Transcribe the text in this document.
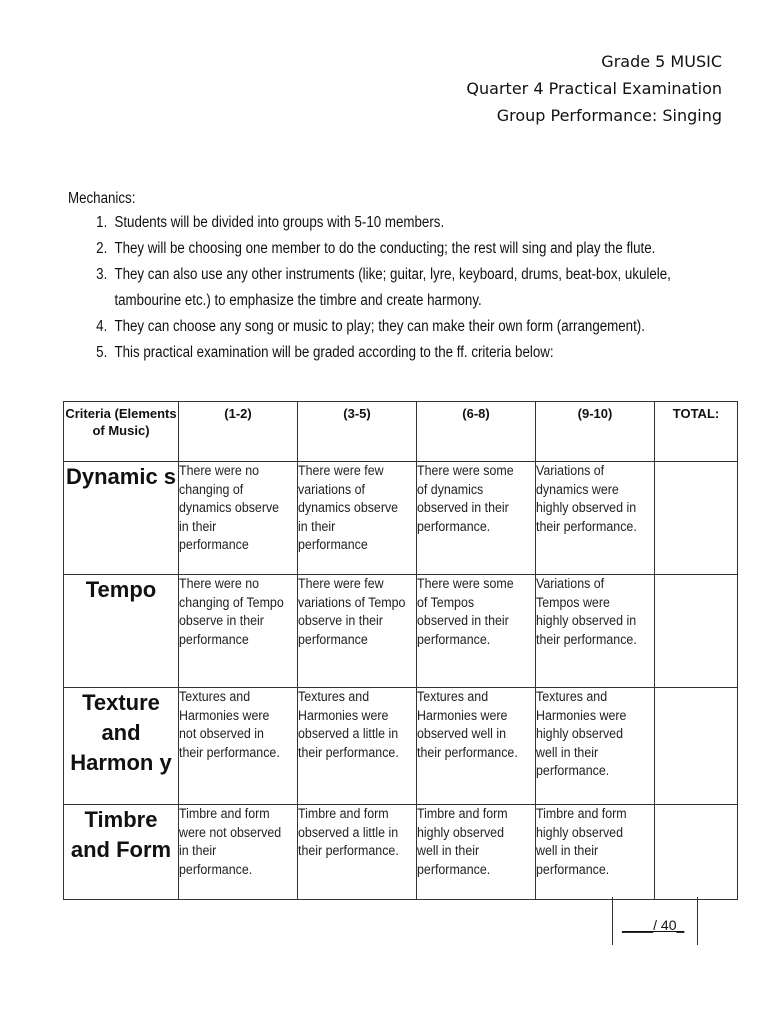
Grade 5 MUSIC
Quarter 4 Practical Examination
Group Performance: Singing
Mechanics:
1. Students will be divided into groups with 5-10 members.
2. They will be choosing one member to do the conducting; the rest will sing and play the flute.
3. They can also use any other instruments (like; guitar, lyre, keyboard, drums, beat-box, ukulele, tambourine etc.) to emphasize the timbre and create harmony.
4. They can choose any song or music to play; they can make their own form (arrangement).
5. This practical examination will be graded according to the ff. criteria below:
Criteria (Elements of Music)	(1-2)	(3-5)	(6-8)	(9-10)	TOTAL:
Dynamic s	There were no changing of dynamics observe in their performance	There were few variations of dynamics observe in their performance	There were some of dynamics observed in their performance.	Variations of dynamics were highly observed in their performance.	

Tempo	There were no changing of Tempo observe in their performance	There were few variations of Tempo observe in their performance	There were some of Tempos observed in their performance.	Variations of Tempos were highly observed in their performance.	

Texture and Harmon y	Textures and Harmonies were not observed in their performance.	Textures and Harmonies were observed a little in their performance.	Textures and Harmonies were observed well in their performance.	Textures and Harmonies were highly observed well in their performance.	

Timbre and Form	Timbre and form were not observed in their performance.	Timbre and form observed a little in their performance.	Timbre and form highly observed well in their performance.	Timbre and form highly observed well in their performance.	

____/ 40_
